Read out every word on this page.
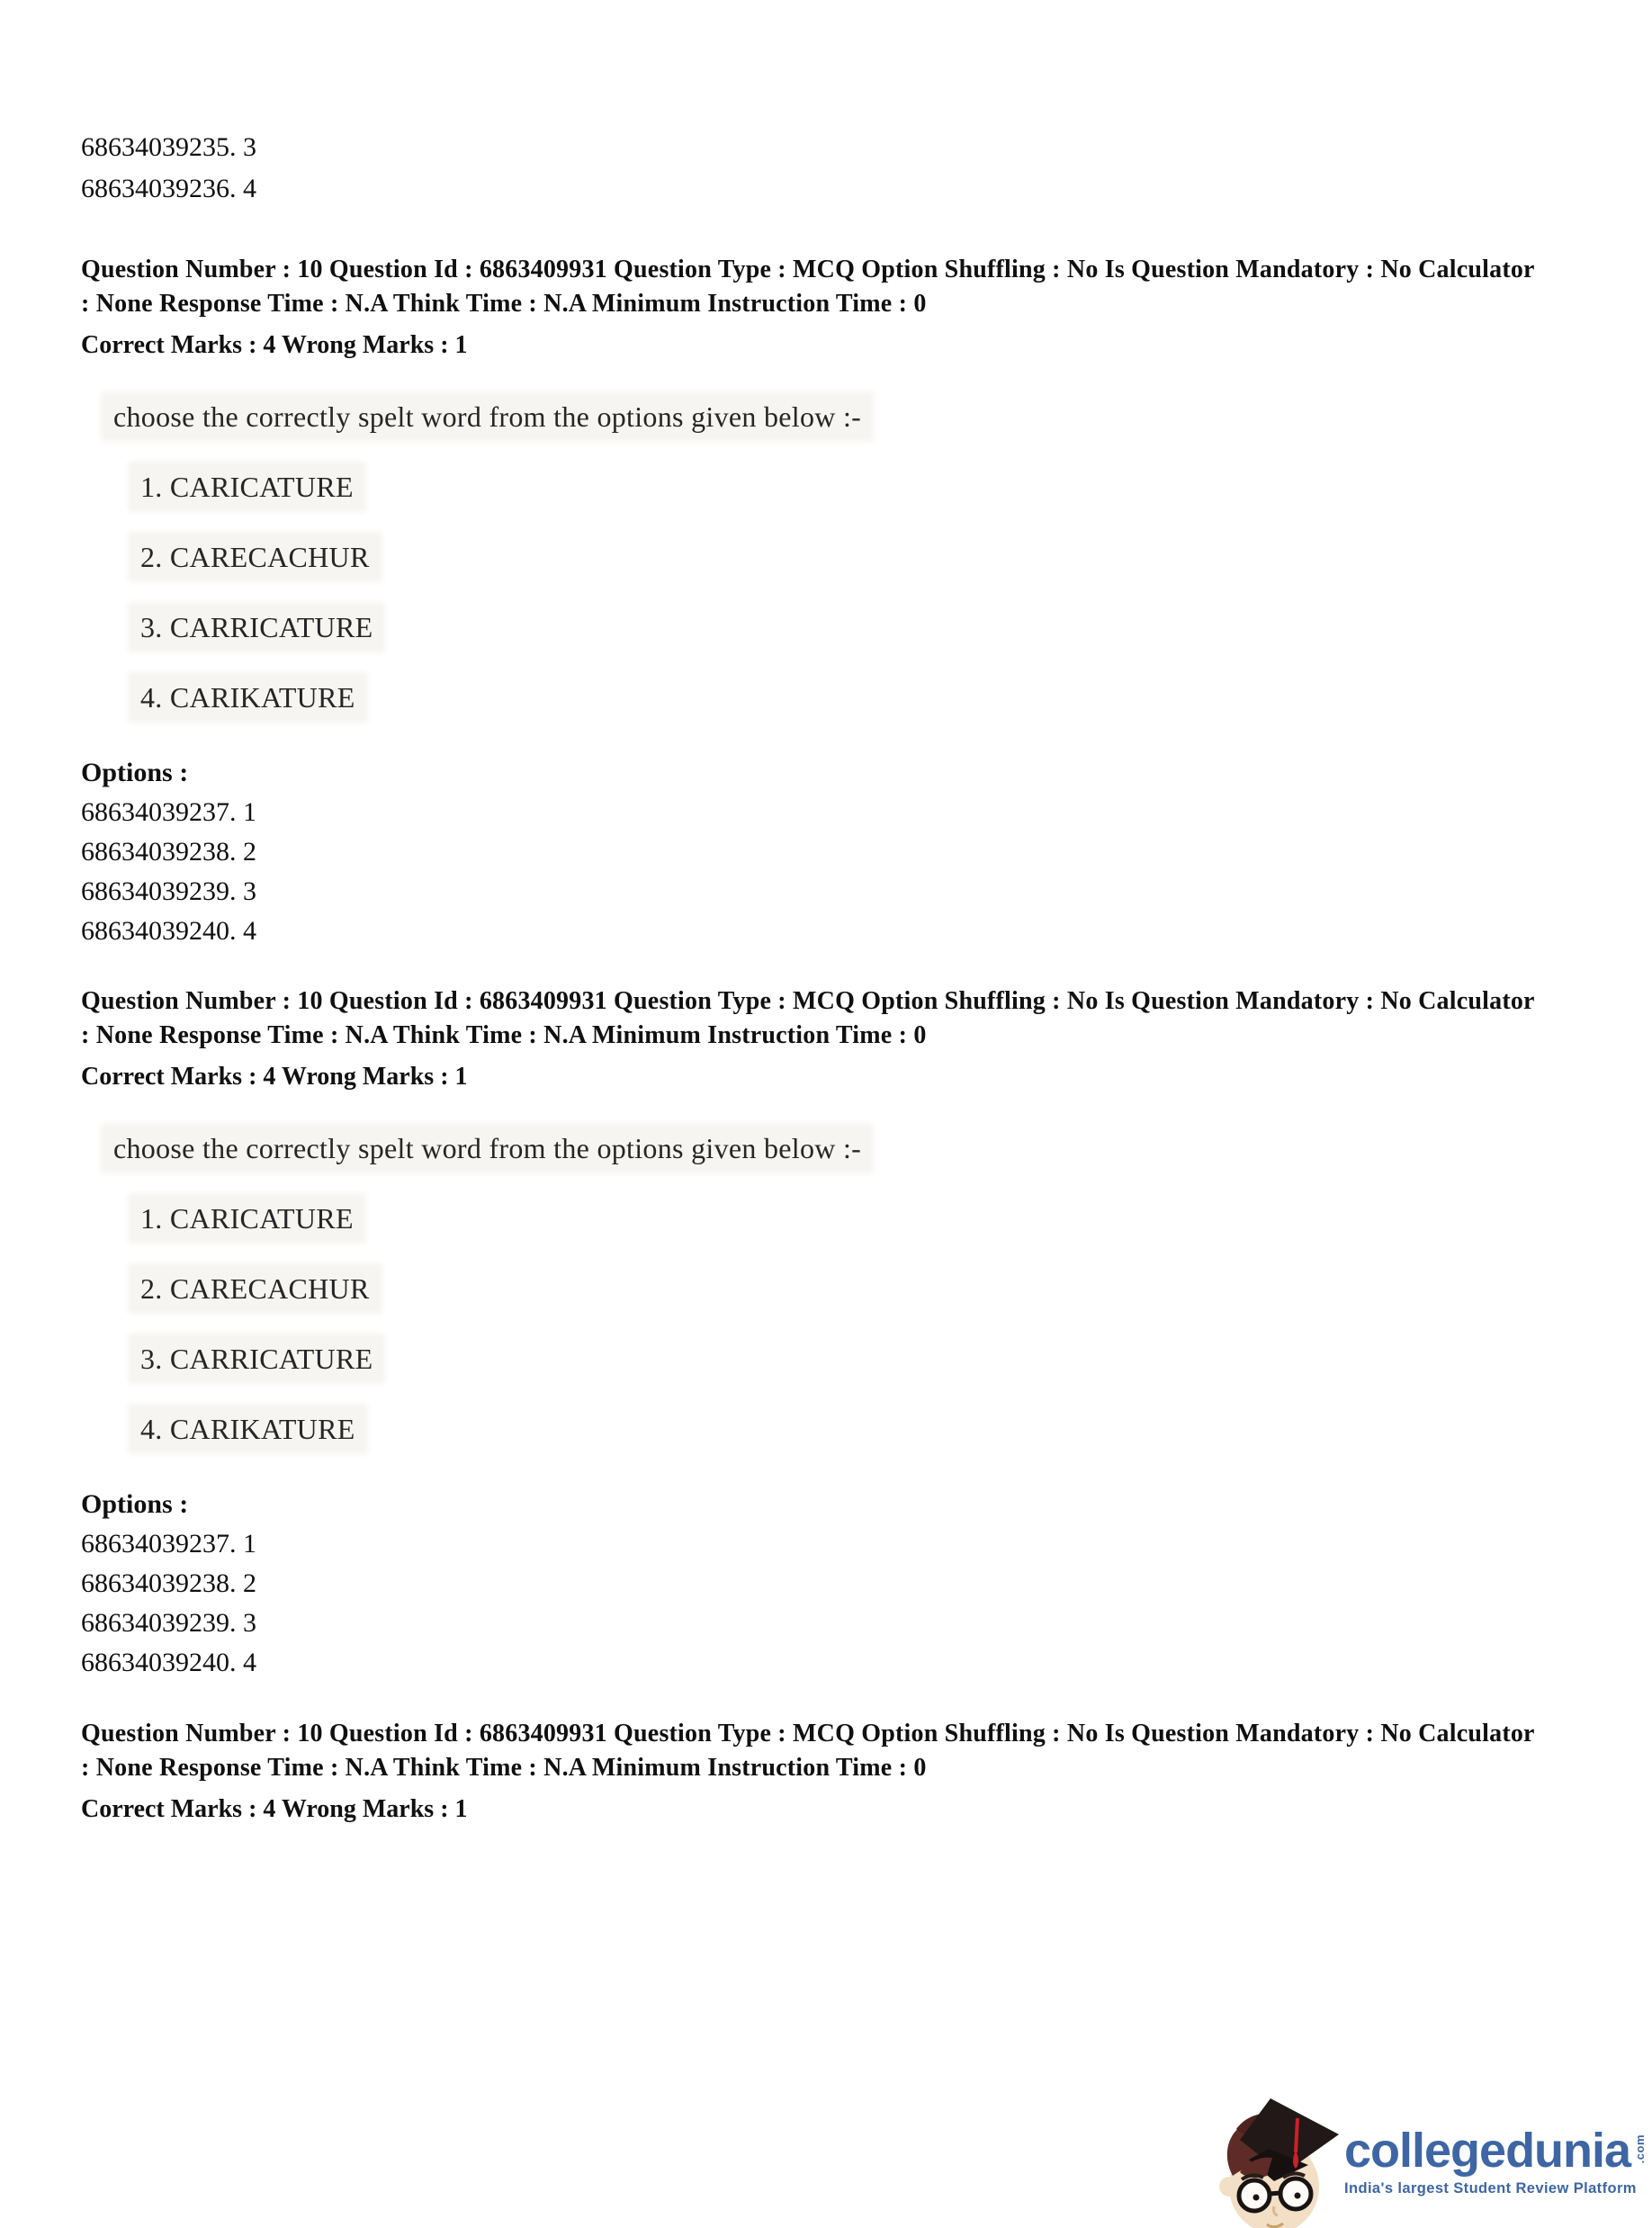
68634039235. 3
68634039236. 4

Question Number : 10 Question Id : 6863409931 Question Type : MCQ Option Shuffling : No Is Question Mandatory : No Calculator : None Response Time : N.A Think Time : N.A Minimum Instruction Time : 0

Correct Marks : 4 Wrong Marks : 1

choose the correctly spelt word from the options given below :-
1. CARICATURE
2. CARECACHUR
3. CARRICATURE
4. CARIKATURE
Options :
68634039237. 1
68634039238. 2
68634039239. 3
68634039240. 4

Question Number : 10 Question Id : 6863409931 Question Type : MCQ Option Shuffling : No Is Question Mandatory : No Calculator : None Response Time : N.A Think Time : N.A Minimum Instruction Time : 0

Correct Marks : 4 Wrong Marks : 1

choose the correctly spelt word from the options given below :-
1. CARICATURE
2. CARECACHUR
3. CARRICATURE
4. CARIKATURE
Options :
68634039237. 1
68634039238. 2
68634039239. 3
68634039240. 4

Question Number : 10 Question Id : 6863409931 Question Type : MCQ Option Shuffling : No Is Question Mandatory : No Calculator : None Response Time : N.A Think Time : N.A Minimum Instruction Time : 0

Correct Marks : 4 Wrong Marks : 1

collegedunia .com
India's largest Student Review Platform
